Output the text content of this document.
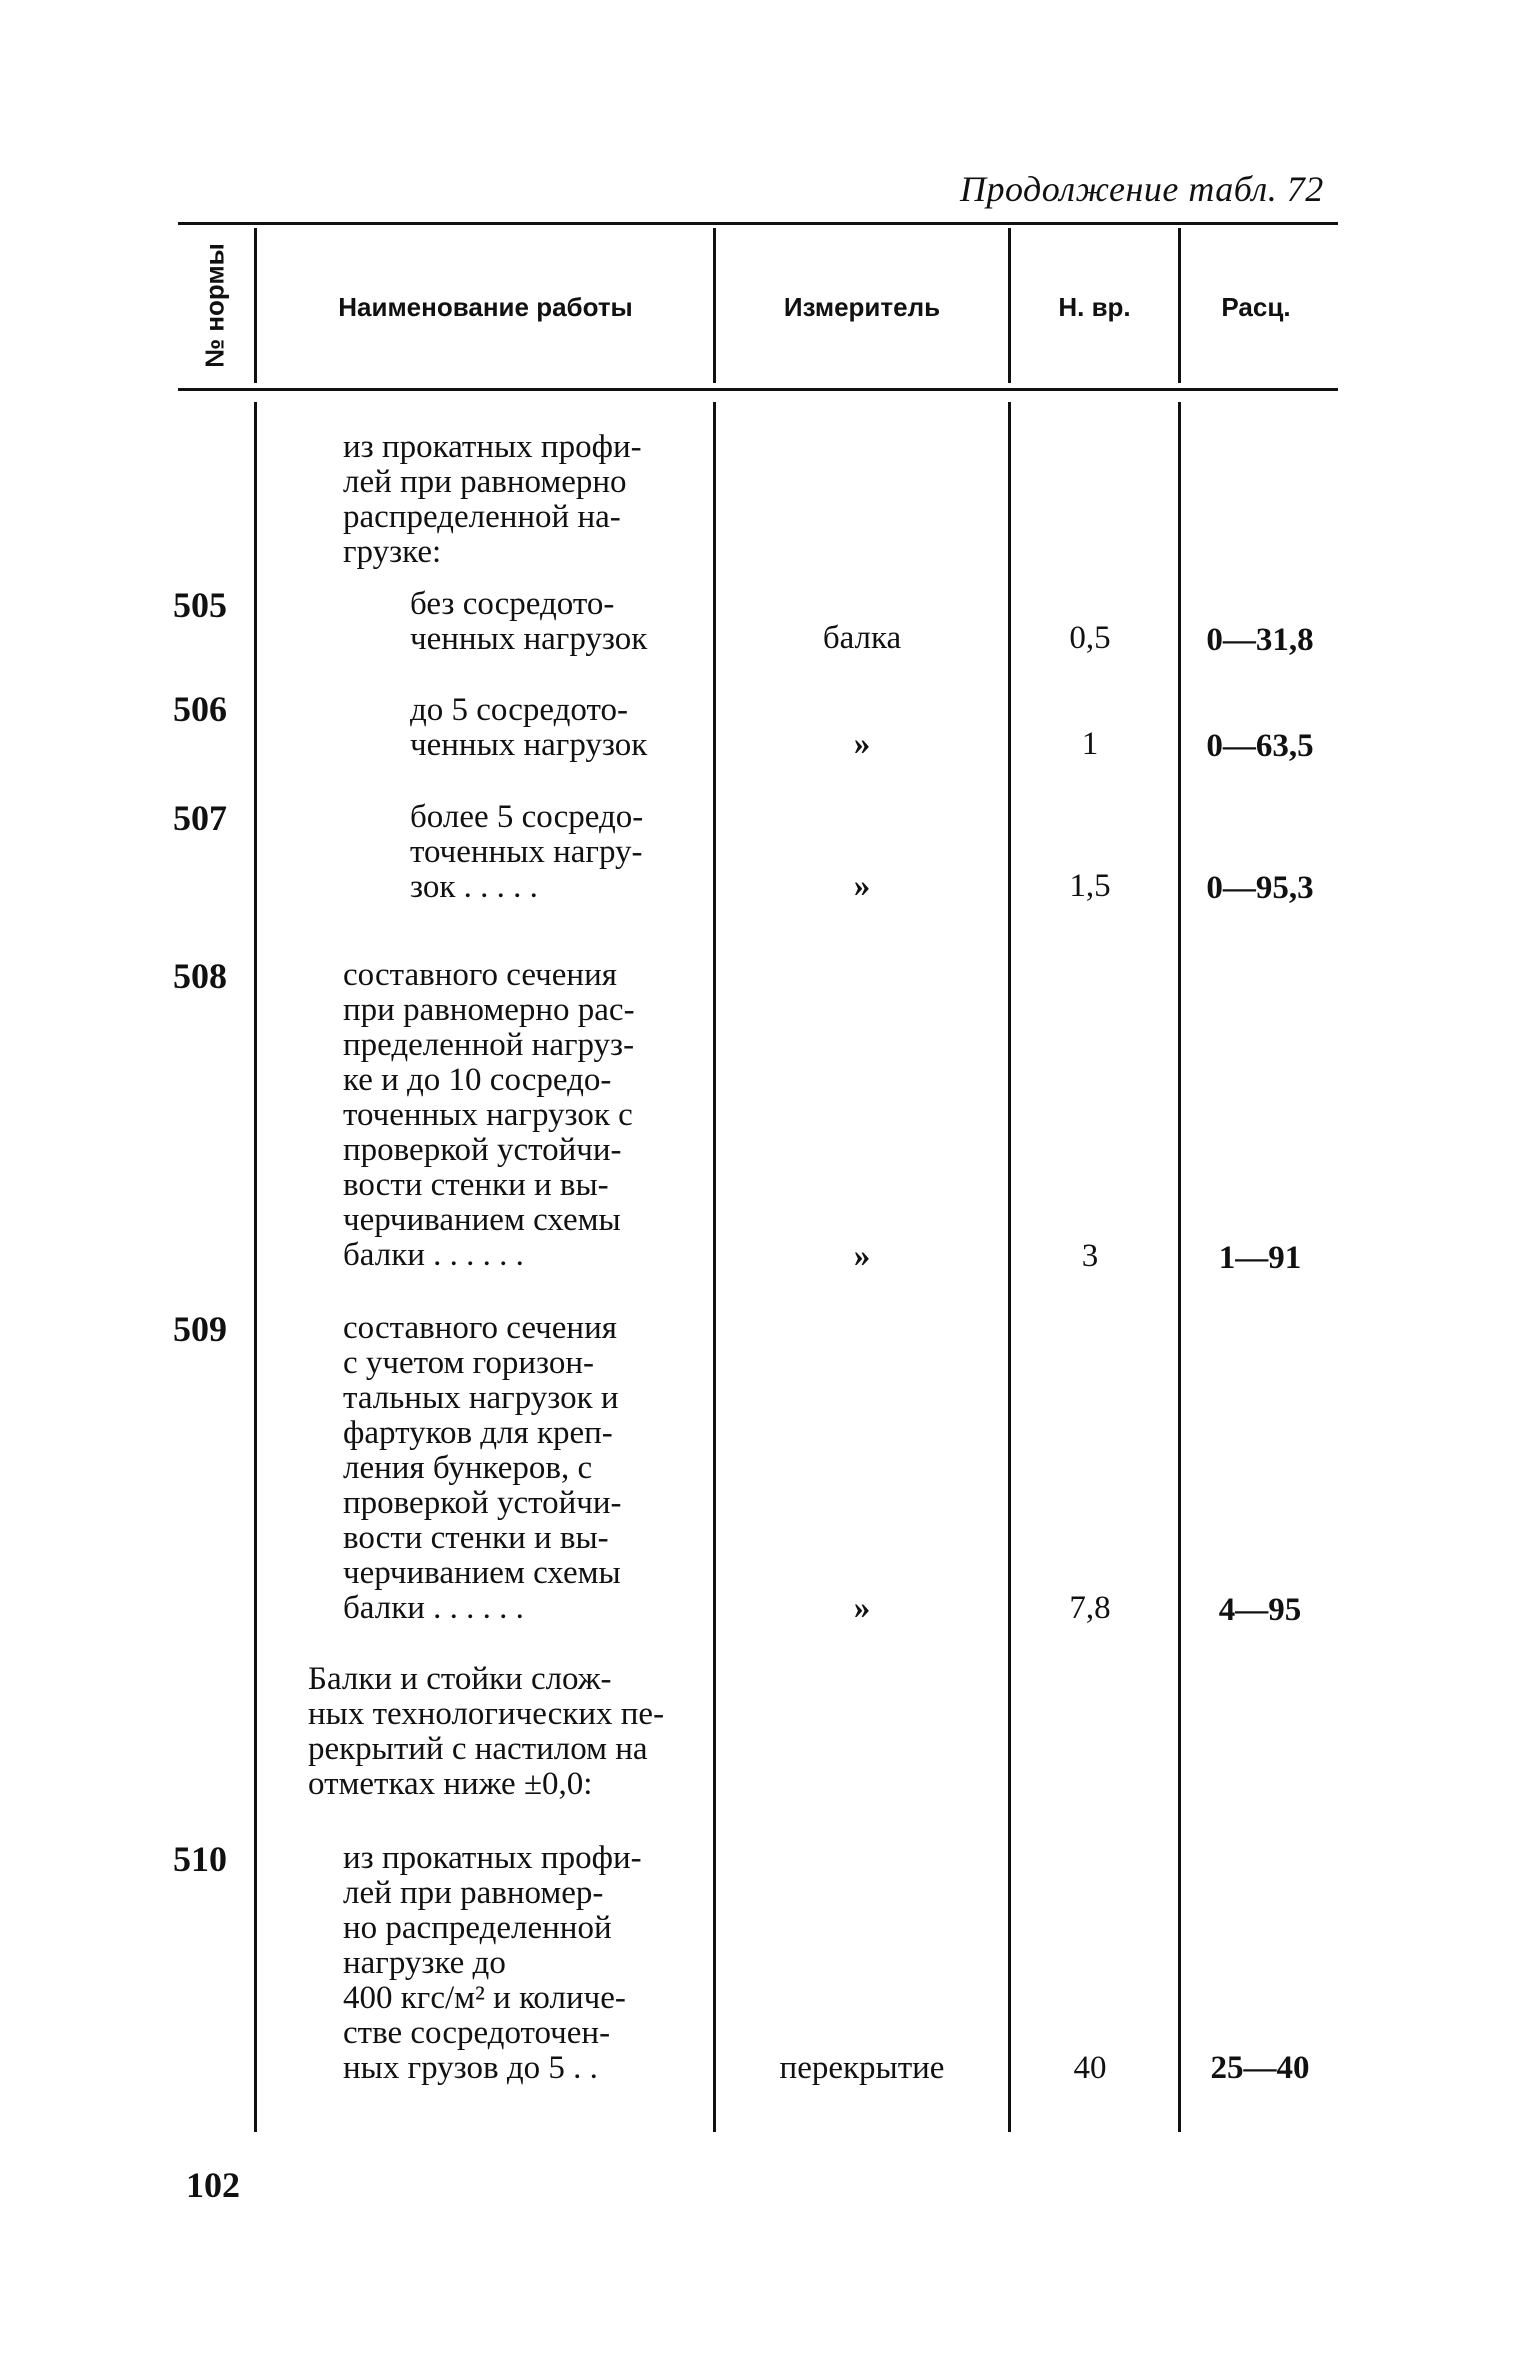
Продолжение табл. 72
№ нормы	Наименование работы	Измеритель	Н. вр.	Расц.
из прокатных профи-
лей при равномерно
распределенной на-
грузке:
505	без сосредото-
ченных нагрузок	балка	0,5	0—31,8
506	до 5 сосредото-
ченных нагрузок	»	1	0—63,5
507	более 5 сосредо-
точенных нагру-
зок . . . . .	»	1,5	0—95,3
508	составного сечения
при равномерно рас-
пределенной нагруз-
ке и до 10 сосредо-
точенных нагрузок с
проверкой устойчи-
вости стенки и вы-
черчиванием схемы
балки . . . . . .	»	3	1—91
509	составного сечения
с учетом горизон-
тальных нагрузок и
фартуков для креп-
ления бункеров, с
проверкой устойчи-
вости стенки и вы-
черчиванием схемы
балки . . . . . .	»	7,8	4—95
Балки и стойки слож-
ных технологических пе-
рекрытий с настилом на
отметках ниже ±0,0:
510	из прокатных профи-
лей при равномер-
но распределенной
нагрузке до
400 кгс/м² и количе-
стве сосредоточен-
ных грузов до 5 . .	перекрытие	40	25—40
102
